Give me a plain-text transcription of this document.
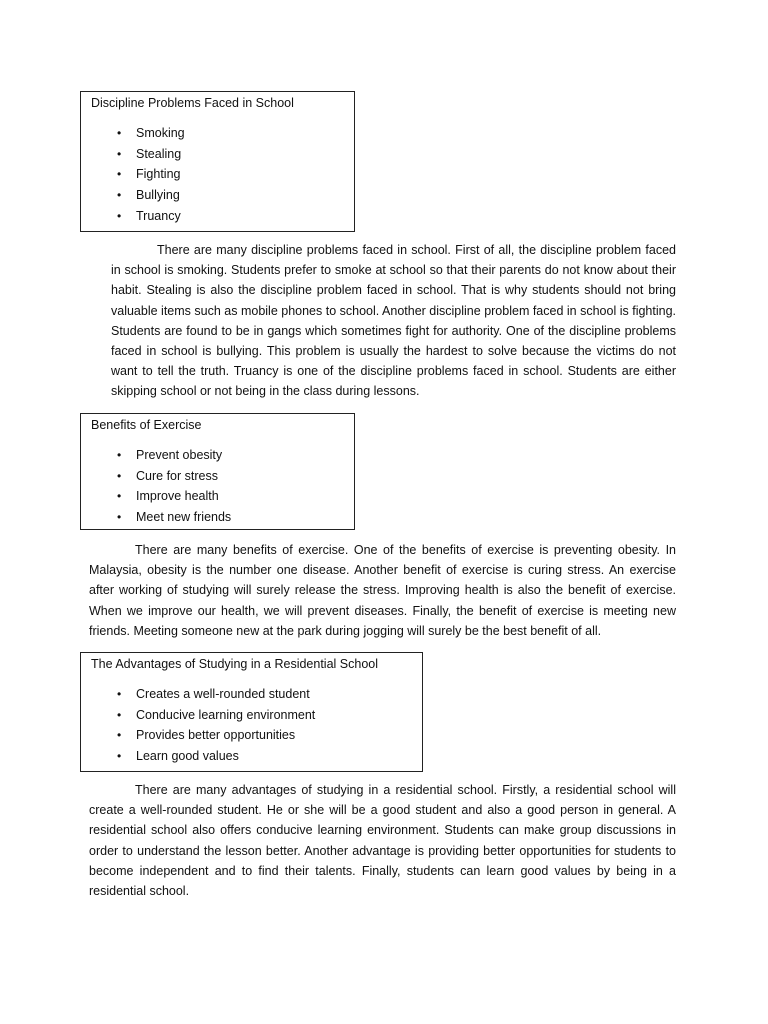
Discipline Problems Faced in School
• Smoking
• Stealing
• Fighting
• Bullying
• Truancy

There are many discipline problems faced in school. First of all, the discipline problem faced in school is smoking. Students prefer to smoke at school so that their parents do not know about their habit. Stealing is also the discipline problem faced in school. That is why students should not bring valuable items such as mobile phones to school. Another discipline problem faced in school is fighting. Students are found to be in gangs which sometimes fight for authority. One of the discipline problems faced in school is bullying. This problem is usually the hardest to solve because the victims do not want to tell the truth. Truancy is one of the discipline problems faced in school. Students are either skipping school or not being in the class during lessons.

Benefits of Exercise
• Prevent obesity
• Cure for stress
• Improve health
• Meet new friends

There are many benefits of exercise. One of the benefits of exercise is preventing obesity. In Malaysia, obesity is the number one disease. Another benefit of exercise is curing stress. An exercise after working of studying will surely release the stress. Improving health is also the benefit of exercise. When we improve our health, we will prevent diseases. Finally, the benefit of exercise is meeting new friends. Meeting someone new at the park during jogging will surely be the best benefit of all.

The Advantages of Studying in a Residential School
• Creates a well-rounded student
• Conducive learning environment
• Provides better opportunities
• Learn good values

There are many advantages of studying in a residential school. Firstly, a residential school will create a well-rounded student. He or she will be a good student and also a good person in general. A residential school also offers conducive learning environment. Students can make group discussions in order to understand the lesson better. Another advantage is providing better opportunities for students to become independent and to find their talents. Finally, students can learn good values by being in a residential school.
